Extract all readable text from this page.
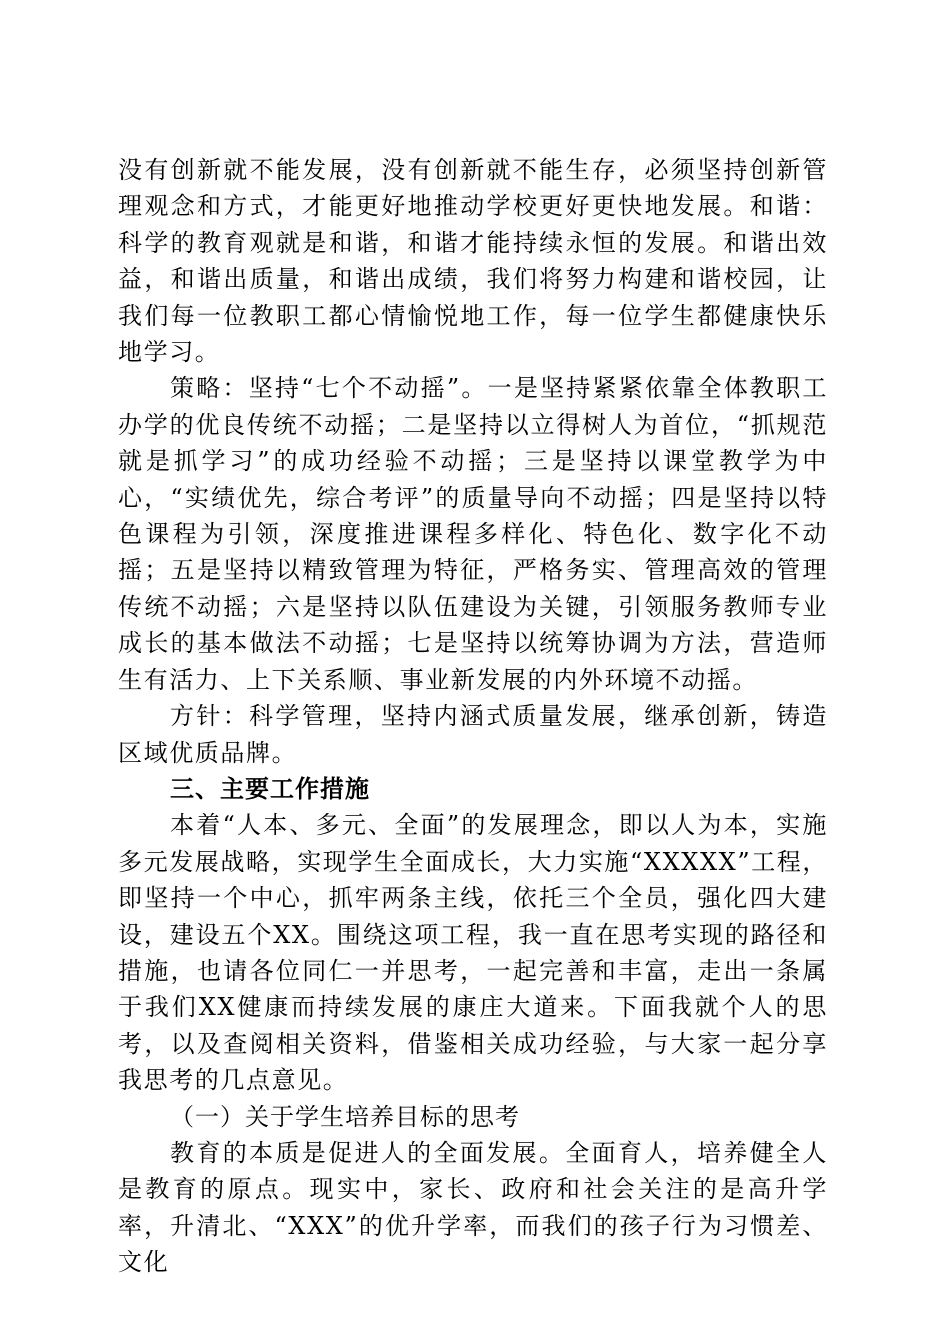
没有创新就不能发展，没有创新就不能生存，必须坚持创新管理观念和方式，才能更好地推动学校更好更快地发展。和谐：科学的教育观就是和谐，和谐才能持续永恒的发展。和谐出效益，和谐出质量，和谐出成绩，我们将努力构建和谐校园，让我们每一位教职工都心情愉悦地工作，每一位学生都健康快乐地学习。

策略：坚持“七个不动摇”。一是坚持紧紧依靠全体教职工办学的优良传统不动摇；二是坚持以立得树人为首位，“抓规范就是抓学习”的成功经验不动摇；三是坚持以课堂教学为中心，“实绩优先，综合考评”的质量导向不动摇；四是坚持以特色课程为引领，深度推进课程多样化、特色化、数字化不动摇；五是坚持以精致管理为特征，严格务实、管理高效的管理传统不动摇；六是坚持以队伍建设为关键，引领服务教师专业成长的基本做法不动摇；七是坚持以统筹协调为方法，营造师生有活力、上下关系顺、事业新发展的内外环境不动摇。

方针：科学管理，坚持内涵式质量发展，继承创新，铸造区域优质品牌。

三、主要工作措施

本着“人本、多元、全面”的发展理念，即以人为本，实施多元发展战略，实现学生全面成长，大力实施“XXXXX”工程，即坚持一个中心，抓牢两条主线，依托三个全员，强化四大建设，建设五个XX。围绕这项工程，我一直在思考实现的路径和措施，也请各位同仁一并思考，一起完善和丰富，走出一条属于我们XX健康而持续发展的康庄大道来。下面我就个人的思考，以及查阅相关资料，借鉴相关成功经验，与大家一起分享我思考的几点意见。

（一）关于学生培养目标的思考

教育的本质是促进人的全面发展。全面育人，培养健全人是教育的原点。现实中，家长、政府和社会关注的是高升学率，升清北、“XXX”的优升学率，而我们的孩子行为习惯差、文化
